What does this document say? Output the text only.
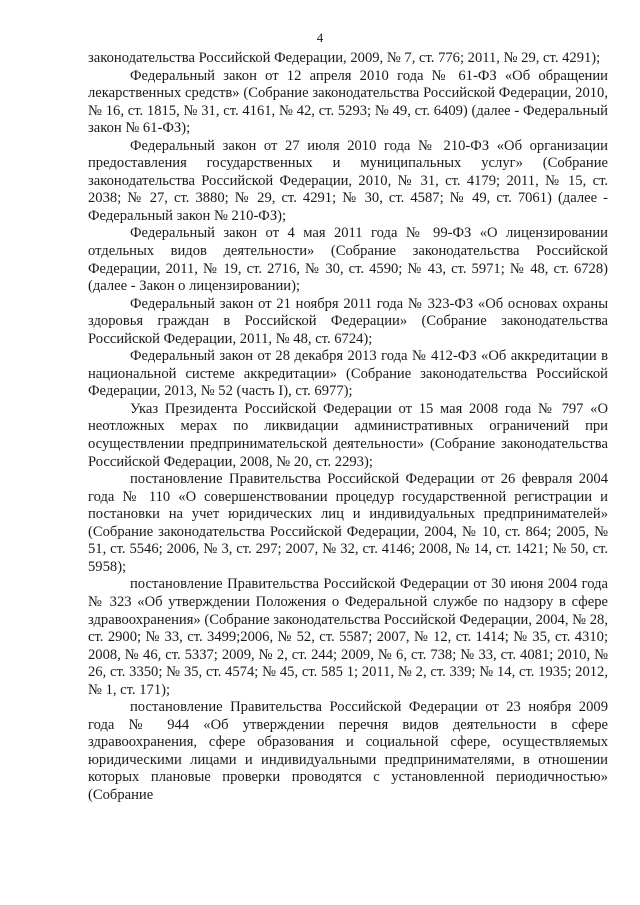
4

законодательства Российской Федерации, 2009, № 7, ст. 776; 2011, № 29, ст. 4291);

Федеральный закон от 12 апреля 2010 года № 61-ФЗ «Об обращении лекарственных средств» (Собрание законодательства Российской Федерации, 2010, № 16, ст. 1815, № 31, ст. 4161, № 42, ст. 5293; № 49, ст. 6409) (далее - Федеральный закон № 61-ФЗ);

Федеральный закон от 27 июля 2010 года № 210-ФЗ «Об организации предоставления государственных и муниципальных услуг» (Собрание законодательства Российской Федерации, 2010, № 31, ст. 4179; 2011, № 15, ст. 2038; № 27, ст. 3880; № 29, ст. 4291; № 30, ст. 4587; № 49, ст. 7061) (далее - Федеральный закон № 210-ФЗ);

Федеральный закон от 4 мая 2011 года № 99-ФЗ «О лицензировании отдельных видов деятельности» (Собрание законодательства Российской Федерации, 2011, № 19, ст. 2716, № 30, ст. 4590; № 43, ст. 5971; № 48, ст. 6728) (далее - Закон о лицензировании);

Федеральный закон от 21 ноября 2011 года № 323-ФЗ «Об основах охраны здоровья граждан в Российской Федерации» (Собрание законодательства Российской Федерации, 2011, № 48, ст. 6724);

Федеральный закон от 28 декабря 2013 года № 412-ФЗ «Об аккредитации в национальной системе аккредитации» (Собрание законодательства Российской Федерации, 2013, № 52 (часть I), ст. 6977);

Указ Президента Российской Федерации от 15 мая 2008 года № 797 «О неотложных мерах по ликвидации административных ограничений при осуществлении предпринимательской деятельности» (Собрание законодательства Российской Федерации, 2008, № 20, ст. 2293);

постановление Правительства Российской Федерации от 26 февраля 2004 года № 110 «О совершенствовании процедур государственной регистрации и постановки на учет юридических лиц и индивидуальных предпринимателей» (Собрание законодательства Российской Федерации, 2004, № 10, ст. 864; 2005, № 51, ст. 5546; 2006, № 3, ст. 297; 2007, № 32, ст. 4146; 2008, № 14, ст. 1421; № 50, ст. 5958);

постановление Правительства Российской Федерации от 30 июня 2004 года № 323 «Об утверждении Положения о Федеральной службе по надзору в сфере здравоохранения» (Собрание законодательства Российской Федерации, 2004, № 28, ст. 2900; № 33, ст. 3499;2006, № 52, ст. 5587; 2007, № 12, ст. 1414; № 35, ст. 4310; 2008, № 46, ст. 5337; 2009, № 2, ст. 244; 2009, № 6, ст. 738; № 33, ст. 4081; 2010, № 26, ст. 3350; № 35, ст. 4574; № 45, ст. 585 1; 2011, № 2, ст. 339; № 14, ст. 1935; 2012, № 1, ст. 171);

постановление Правительства Российской Федерации от 23 ноября 2009 года № 944 «Об утверждении перечня видов деятельности в сфере здравоохранения, сфере образования и социальной сфере, осуществляемых юридическими лицами и индивидуальными предпринимателями, в отношении которых плановые проверки проводятся с установленной периодичностью» (Собрание
